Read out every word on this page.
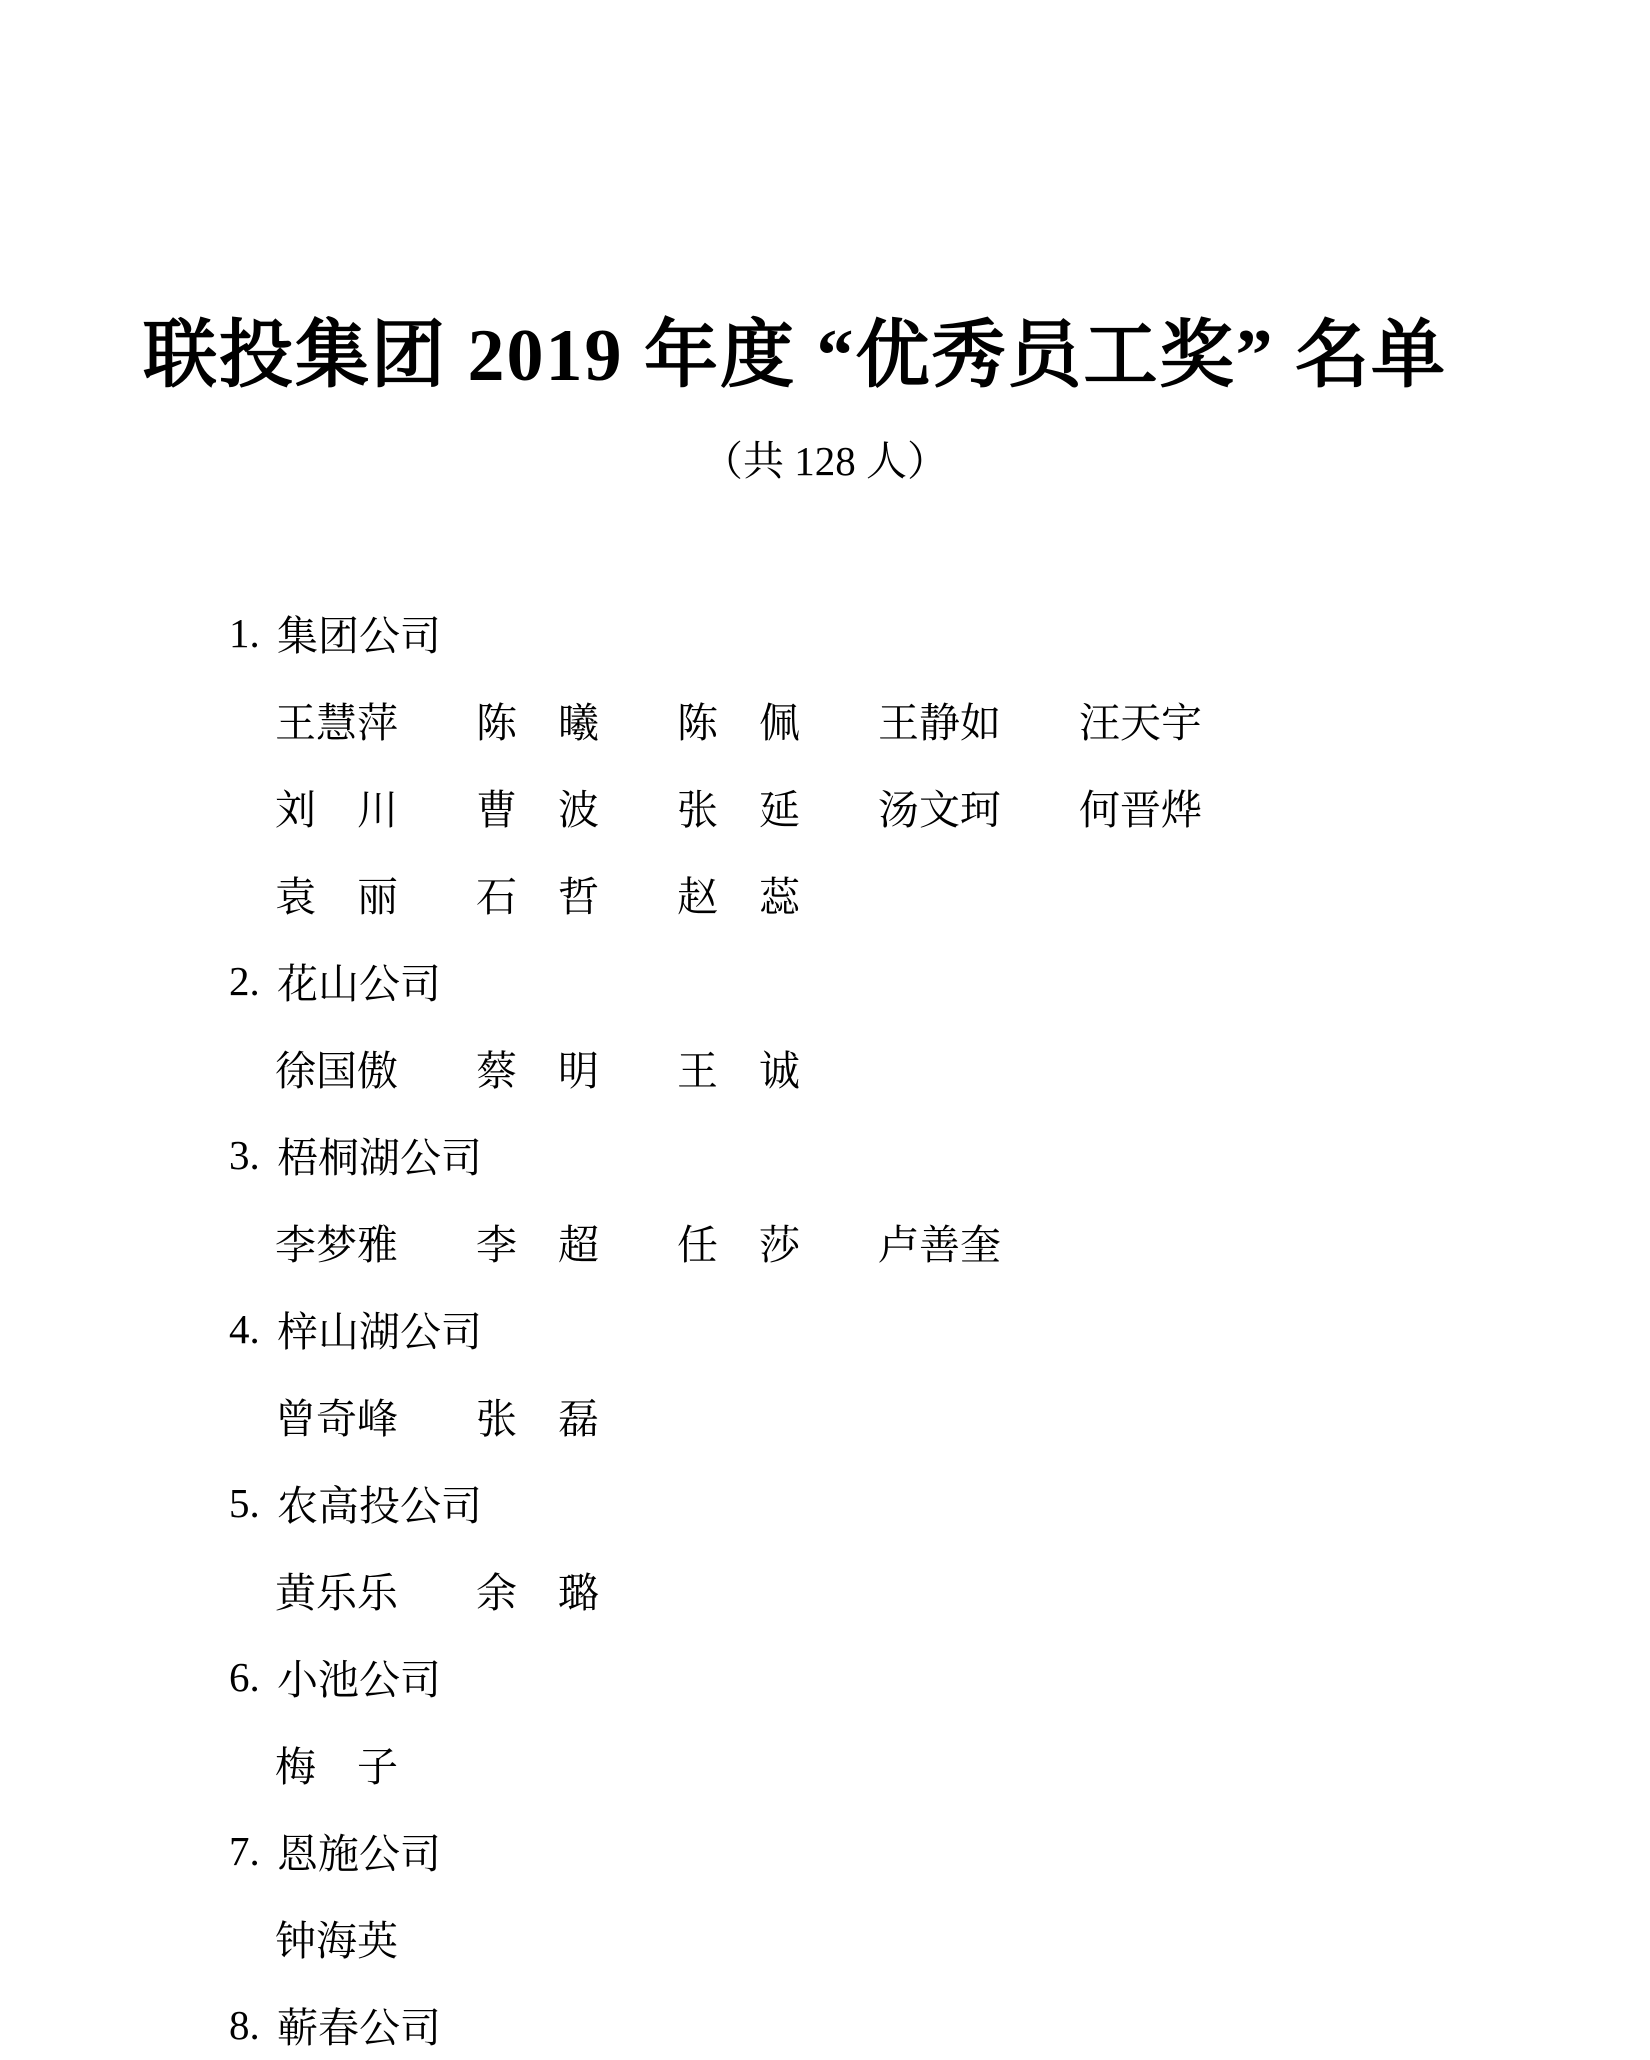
联投集团 2019 年度 “优秀员工奖” 名单
（共 128 人）
1. 集团公司
王慧萍 陈　曦 陈　佩 王静如 汪天宇
刘　川 曹　波 张　延 汤文珂 何晋烨
袁　丽 石　哲 赵　蕊
2. 花山公司
徐国傲 蔡　明 王　诚
3. 梧桐湖公司
李梦雅 李　超 任　莎 卢善奎
4. 梓山湖公司
曾奇峰 张　磊
5. 农高投公司
黄乐乐 余　璐
6. 小池公司
梅　子
7. 恩施公司
钟海英
8. 蕲春公司
